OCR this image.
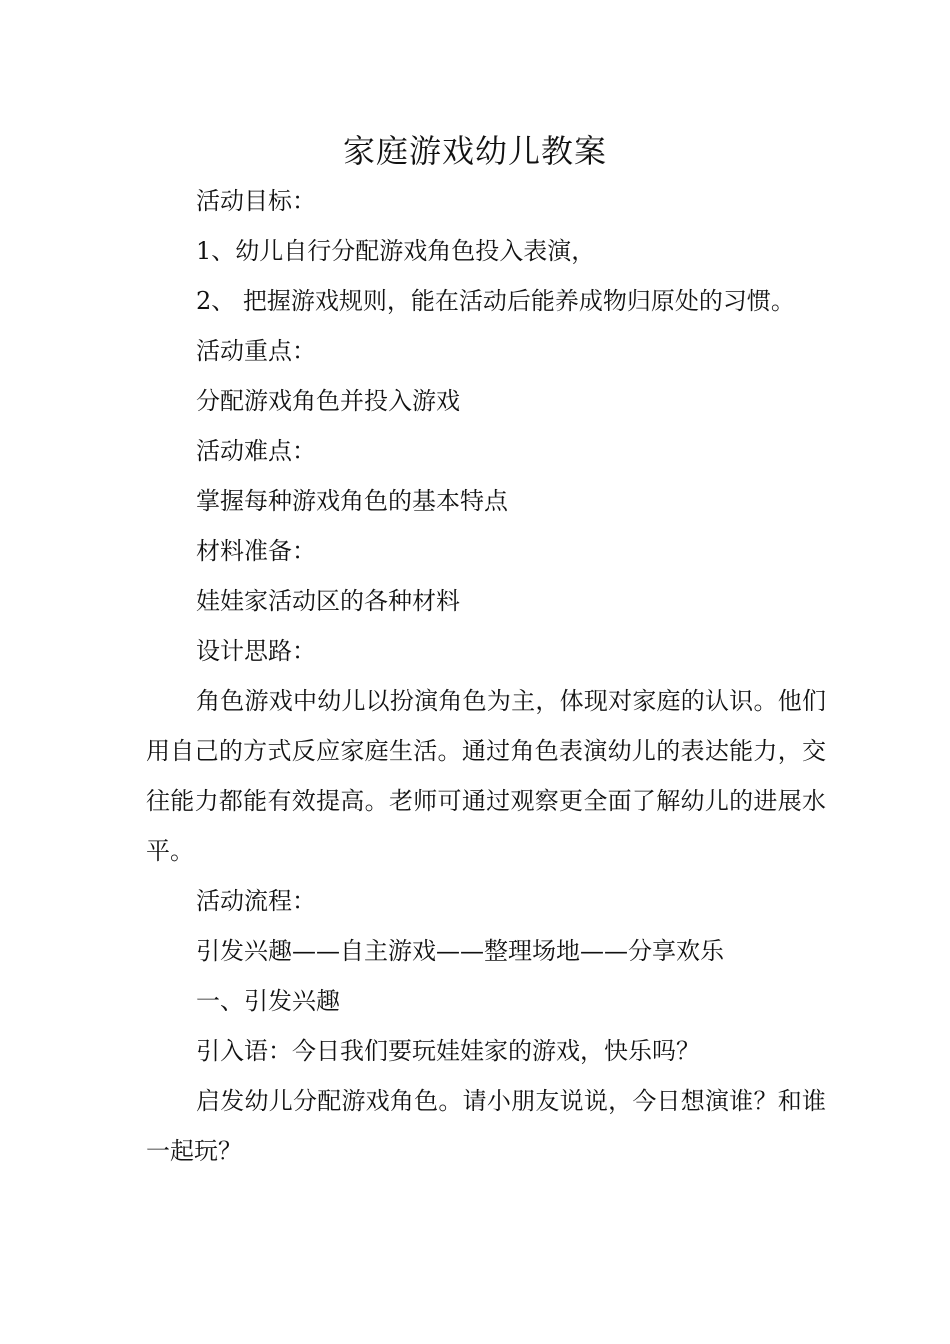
家庭游戏幼儿教案

活动目标：

1、幼儿自行分配游戏角色投入表演，

2、 把握游戏规则，能在活动后能养成物归原处的习惯。

活动重点：

分配游戏角色并投入游戏

活动难点：

掌握每种游戏角色的基本特点

材料准备：

娃娃家活动区的各种材料

设计思路：

角色游戏中幼儿以扮演角色为主，体现对家庭的认识。他们用自己的方式反应家庭生活。通过角色表演幼儿的表达能力，交往能力都能有效提高。老师可通过观察更全面了解幼儿的进展水平。

活动流程：

引发兴趣——自主游戏——整理场地——分享欢乐

一、引发兴趣

引入语：今日我们要玩娃娃家的游戏，快乐吗？

启发幼儿分配游戏角色。请小朋友说说，今日想演谁？和谁一起玩？
